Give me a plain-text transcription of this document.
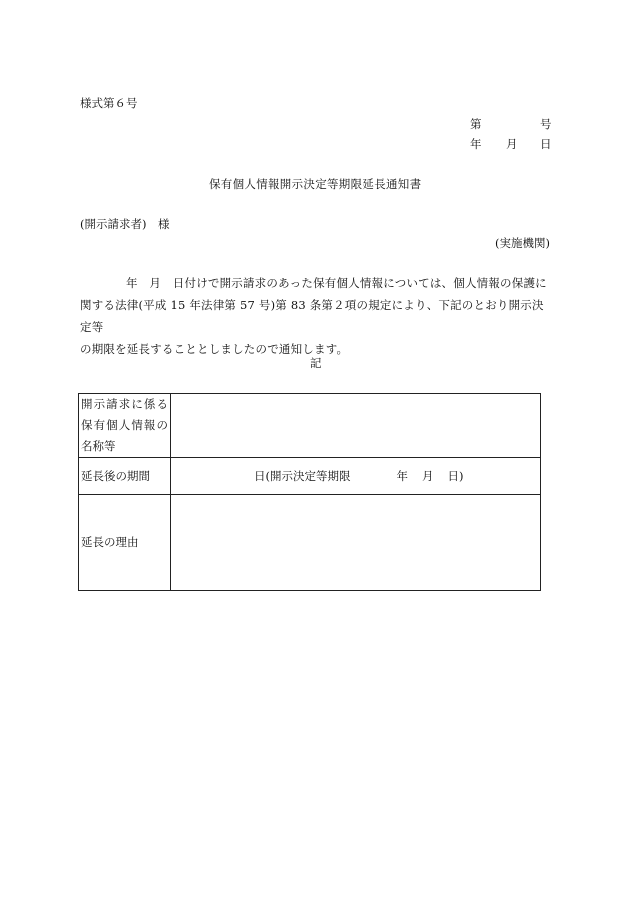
様式第６号
第	号
年 月 日
保有個人情報開示決定等期限延長通知書
(開示請求者) 様
(実施機関)
年　月　日付けで開示請求のあった保有個人情報については、個人情報の保護に
関する法律(平成 15 年法律第 57 号)第 83 条第２項の規定により、下記のとおり開示決定等
の期限を延長することとしましたので通知します。
記
開示請求に係る
保有個人情報の
名称等	

延長後の期間	日(開示決定等期限 年 月 日)

延長の理由	
